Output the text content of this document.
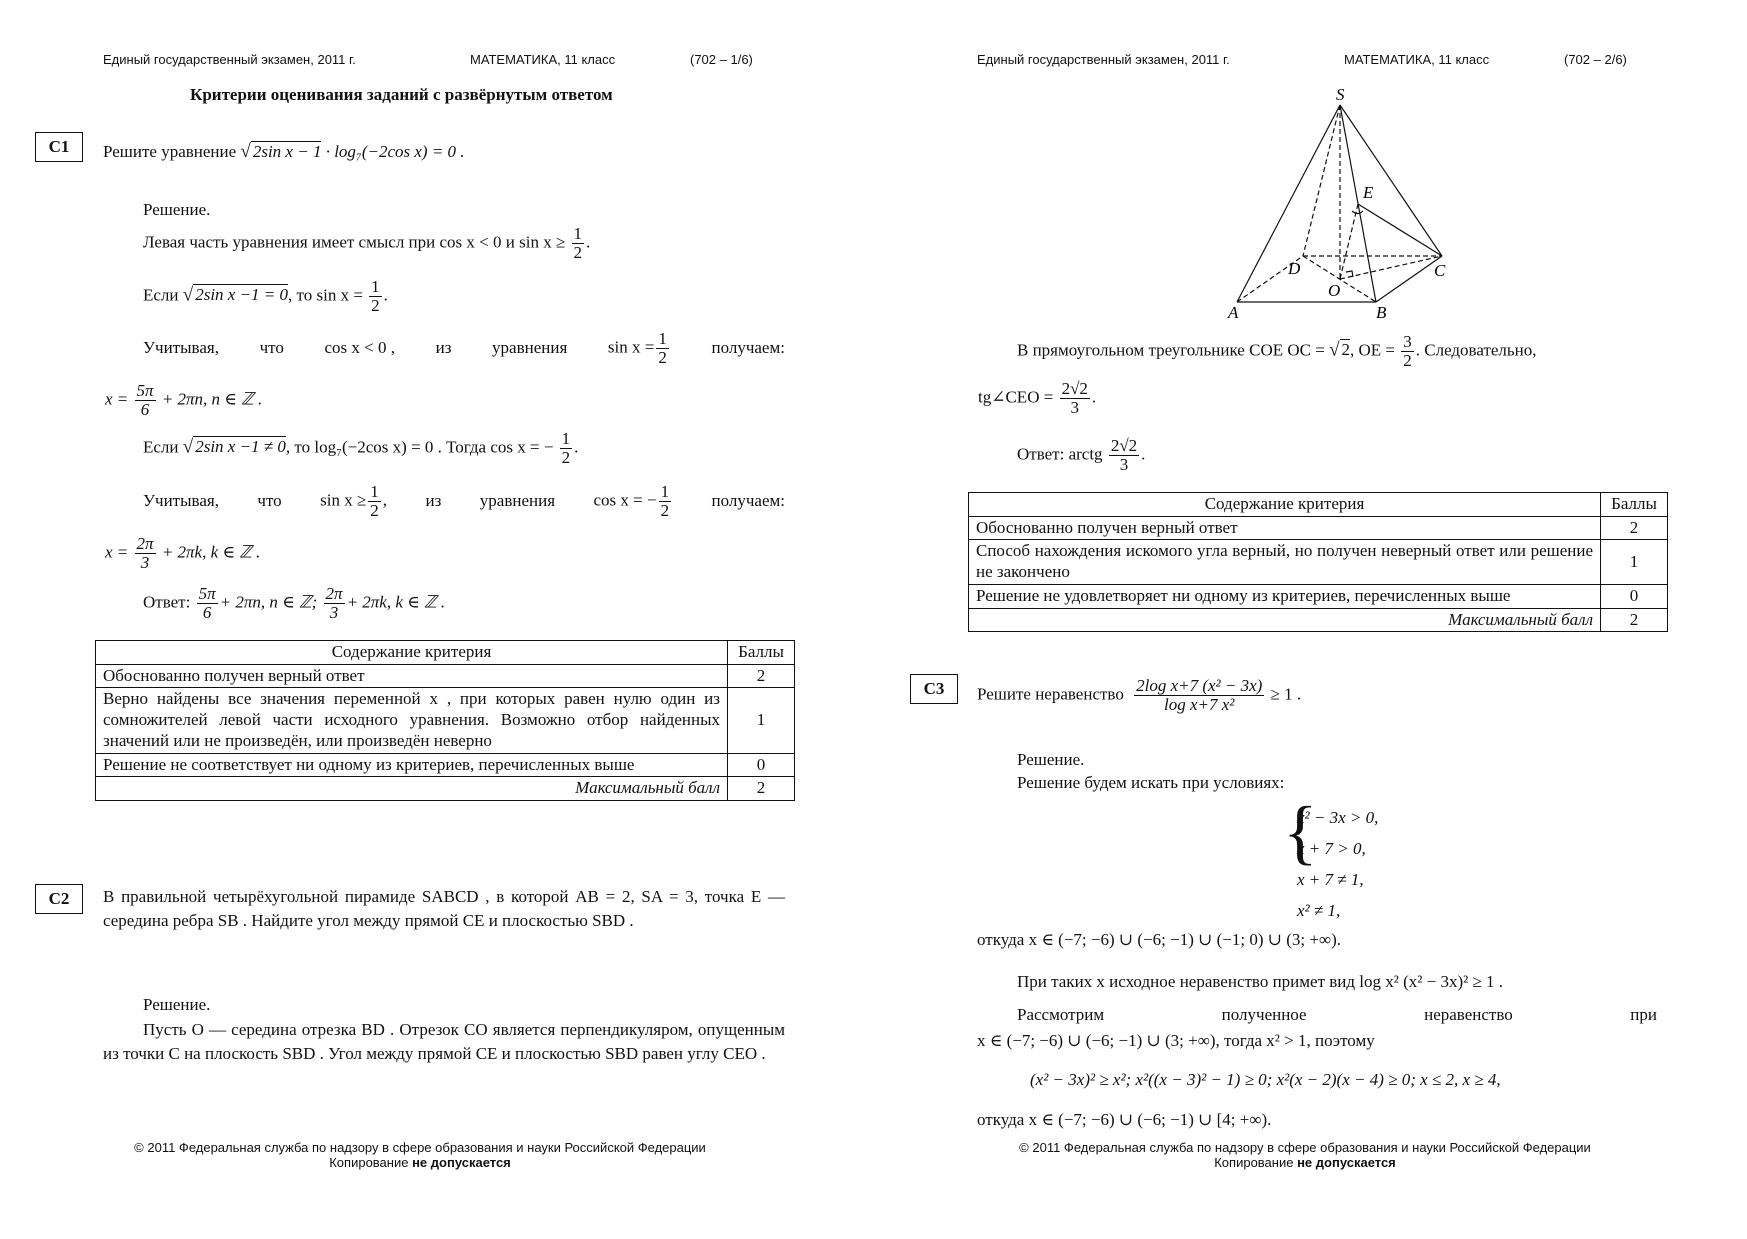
Единый государственный экзамен, 2011 г.	МАТЕМАТИКА, 11 класс	(702 – 1/6)
Критерии оценивания заданий с развёрнутым ответом
C1	Решите уравнение √ 2sin x − 1 · log₇(−2cos x) = 0 .
Решение.
Левая часть уравнения имеет смысл при cos x < 0 и $\sin x \ge \frac{1}{2}$ .
Если √ 2sin x −1 = 0, то $\sin x = \frac{1}{2}$ .
Учитывая, что cos x < 0 , из уравнения $\sin x = \frac{1}{2}$	получаем:
$x = \frac{5\pi}{6} + 2\pi n$, n ∈ ℤ .
Если √ 2sin x −1 ≠ 0, то log₇(−2cos x) = 0 . Тогда cos x = − $\frac{1}{2}$ .
Учитывая, что $\sin x \ge \frac{1}{2}$ , из уравнения cos x = − $\frac{1}{2}$ получаем:
$x = \frac{2\pi}{3} + 2\pi k$, k ∈ ℤ .
Ответ: $\frac{5\pi}{6} + 2\pi n$, n ∈ ℤ; $\frac{2\pi}{3} + 2\pi k$, k ∈ ℤ .
Содержание критерия	Баллы
Обоснованно получен верный ответ	2
Верно найдены все значения переменной x , при которых равен нулю один из сомножителей левой части исходного уравнения. Возможно отбор найденных значений или не произведён, или произведён неверно	1
Решение не соответствует ни одному из критериев, перечисленных выше	0
Максимальный балл	2
C2	В правильной четырёхугольной пирамиде SABCD , в которой AB = 2, SA = 3, точка E — середина ребра SB . Найдите угол между прямой CE и плоскостью SBD .
Решение.
Пусть O — середина отрезка BD . Отрезок CO является перпендикуляром, опущенным из точки C на плоскость SBD . Угол между прямой CE и плоскостью SBD равен углу CEO .
© 2011 Федеральная служба по надзору в сфере образования и науки Российской Федерации
Копирование не допускается
Единый государственный экзамен, 2011 г.	МАТЕМАТИКА, 11 класс	(702 – 2/6)
S
E
D	C
O
A	B
В прямоугольном треугольнике COE OC = √ 2, OE = $\frac{3}{2}$ . Следовательно,
tg∠CEO = $\frac{2√2}{3}$ .
Ответ: arctg $\frac{2√2}{3}$ .
Содержание критерия	Баллы
Обоснованно получен верный ответ	2
Способ нахождения искомого угла верный, но получен неверный ответ или решение не закончено	1
Решение не удовлетворяет ни одному из критериев, перечисленных выше	0
Максимальный балл	2
C3	Решите неравенство $\frac{\text{2log x+7 (x² − 3x)}}{\text{log x+7 x²}} \ge 1$ .
Решение.
Решение будем искать при условиях:
{
x² − 3x > 0,
x + 7 > 0,
x + 7 ≠ 1,
x² ≠ 1,
откуда x ∈ (−7; −6) ∪ (−6; −1) ∪ (−1; 0) ∪ (3; +∞).
При таких x исходное неравенство примет вид log x² (x² − 3x)² ≥ 1 .
Рассмотрим	полученное	неравенство	при
x ∈ (−7; −6) ∪ (−6; −1) ∪ (3; +∞), тогда x² > 1, поэтому
(x² − 3x)² ≥ x²; x²((x − 3)² − 1) ≥ 0; x²(x − 2)(x − 4) ≥ 0; x ≤ 2, x ≥ 4,
откуда x ∈ (−7; −6) ∪ (−6; −1) ∪ [4; +∞).
© 2011 Федеральная служба по надзору в сфере образования и науки Российской Федерации
Копирование не допускается
